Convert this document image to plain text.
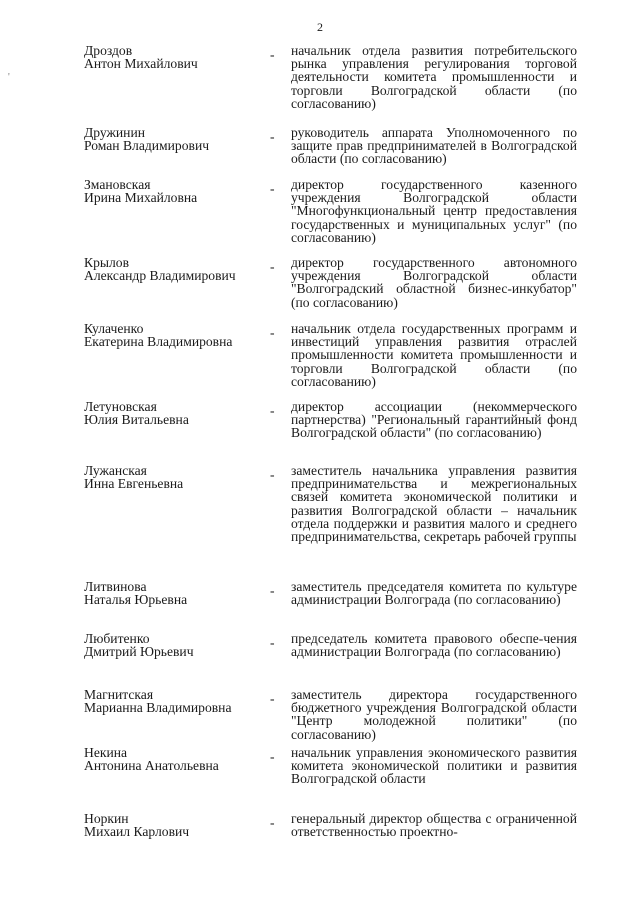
2
'
Дроздов
Антон Михайлович
- начальник отдела развития потребительского рынка управления регулирования торговой деятельности комитета промышленности и торговли Волгоградской области (по согласованию)
Дружинин
Роман Владимирович
- руководитель аппарата Уполномоченного по защите прав предпринимателей в Волгоградской области (по согласованию)
Змановская
Ирина Михайловна
- директор государственного казенного учреждения Волгоградской области "Многофункциональный центр предоставления государственных и муниципальных услуг" (по согласованию)
Крылов
Александр Владимирович
- директор государственного автономного учреждения Волгоградской области "Волгоградский областной бизнес-инкубатор" (по согласованию)
Кулаченко
Екатерина Владимировна
- начальник отдела государственных программ и инвестиций управления развития отраслей промышленности комитета промышленности и торговли Волгоградской области (по согласованию)
Летуновская
Юлия Витальевна
- директор ассоциации (некоммерческого партнерства) "Региональный гарантийный фонд Волгоградской области" (по согласованию)
Лужанская
Инна Евгеньевна
- заместитель начальника управления развития предпринимательства и межрегиональных связей комитета экономической политики и развития Волгоградской области – начальник отдела поддержки и развития малого и среднего предпринимательства, секретарь рабочей группы
Литвинова
Наталья Юрьевна
- заместитель председателя комитета по культуре администрации Волгограда (по согласованию)
Любитенко
Дмитрий Юрьевич
- председатель комитета правового обеспе-чения администрации Волгограда (по согласованию)
Магнитская
Марианна Владимировна
- заместитель директора государственного бюджетного учреждения Волгоградской области "Центр молодежной политики" (по согласованию)
Некина
Антонина Анатольевна
- начальник управления экономического развития комитета экономической политики и развития Волгоградской области
Норкин
Михаил Карлович
- генеральный директор общества с ограниченной ответственностью проектно-
